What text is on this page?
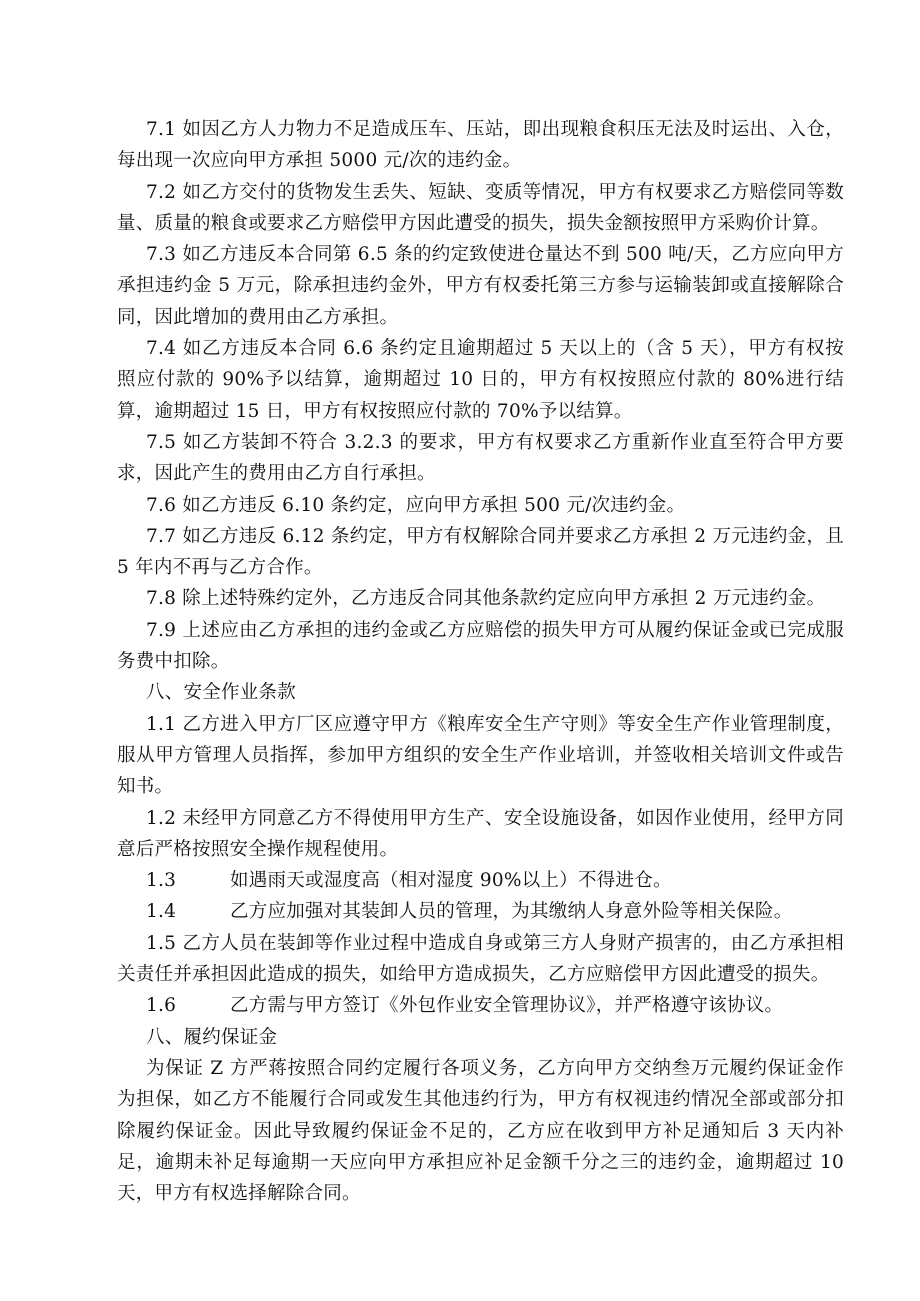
7.1 如因乙方人力物力不足造成压车、压站，即出现粮食积压无法及时运出、入仓，每出现一次应向甲方承担 5000 元/次的违约金。

7.2 如乙方交付的货物发生丢失、短缺、变质等情况，甲方有权要求乙方赔偿同等数量、质量的粮食或要求乙方赔偿甲方因此遭受的损失，损失金额按照甲方采购价计算。

7.3 如乙方违反本合同第 6.5 条的约定致使进仓量达不到 500 吨/天，乙方应向甲方承担违约金 5 万元，除承担违约金外，甲方有权委托第三方参与运输装卸或直接解除合同，因此增加的费用由乙方承担。

7.4 如乙方违反本合同 6.6 条约定且逾期超过 5 天以上的（含 5 天），甲方有权按照应付款的 90%予以结算，逾期超过 10 日的，甲方有权按照应付款的 80%进行结算，逾期超过 15 日，甲方有权按照应付款的 70%予以结算。

7.5 如乙方装卸不符合 3.2.3 的要求，甲方有权要求乙方重新作业直至符合甲方要求，因此产生的费用由乙方自行承担。

7.6 如乙方违反 6.10 条约定，应向甲方承担 500 元/次违约金。

7.7 如乙方违反 6.12 条约定，甲方有权解除合同并要求乙方承担 2 万元违约金，且 5 年内不再与乙方合作。

7.8 除上述特殊约定外，乙方违反合同其他条款约定应向甲方承担 2 万元违约金。

7.9 上述应由乙方承担的违约金或乙方应赔偿的损失甲方可从履约保证金或已完成服务费中扣除。

八、安全作业条款

1.1 乙方进入甲方厂区应遵守甲方《粮库安全生产守则》等安全生产作业管理制度，服从甲方管理人员指挥，参加甲方组织的安全生产作业培训，并签收相关培训文件或告知书。

1.2 未经甲方同意乙方不得使用甲方生产、安全设施设备，如因作业使用，经甲方同意后严格按照安全操作规程使用。

1.3	如遇雨天或湿度高（相对湿度 90%以上）不得进仓。

1.4	乙方应加强对其装卸人员的管理，为其缴纳人身意外险等相关保险。

1.5 乙方人员在装卸等作业过程中造成自身或第三方人身财产损害的，由乙方承担相关责任并承担因此造成的损失，如给甲方造成损失，乙方应赔偿甲方因此遭受的损失。

1.6	乙方需与甲方签订《外包作业安全管理协议》，并严格遵守该协议。

八、履约保证金

为保证 Z 方严蒋按照合同约定履行各项义务，乙方向甲方交纳叁万元履约保证金作为担保，如乙方不能履行合同或发生其他违约行为，甲方有权视违约情况全部或部分扣除履约保证金。因此导致履约保证金不足的，乙方应在收到甲方补足通知后 3 天内补足，逾期未补足每逾期一天应向甲方承担应补足金额千分之三的违约金，逾期超过 10 天，甲方有权选择解除合同。
